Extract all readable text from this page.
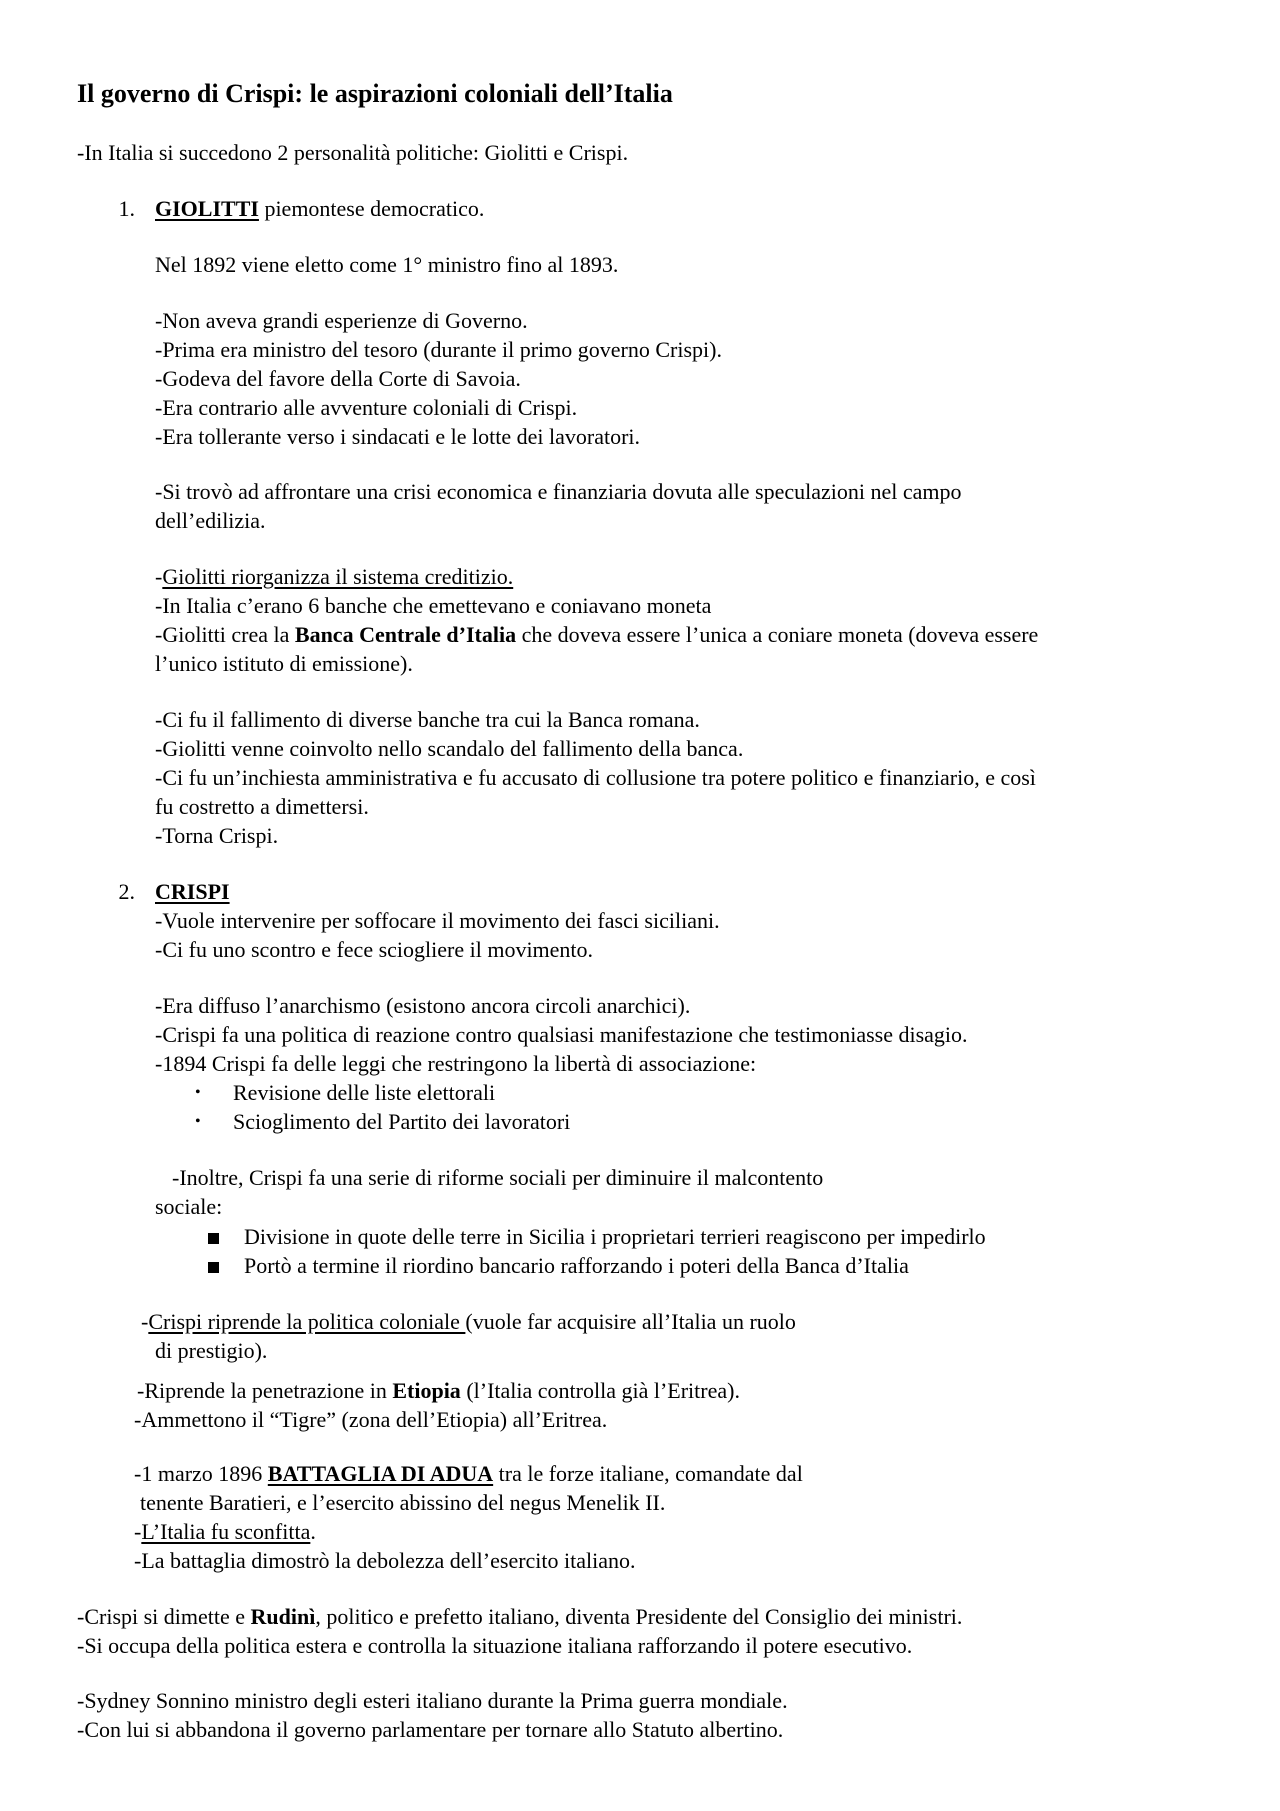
Il governo di Crispi: le aspirazioni coloniali dell’Italia
-In Italia si succedono 2 personalità politiche: Giolitti e Crispi.
1. GIOLITTI piemontese democratico.
Nel 1892 viene eletto come 1° ministro fino al 1893.
-Non aveva grandi esperienze di Governo.
-Prima era ministro del tesoro (durante il primo governo Crispi).
-Godeva del favore della Corte di Savoia.
-Era contrario alle avventure coloniali di Crispi.
-Era tollerante verso i sindacati e le lotte dei lavoratori.
-Si trovò ad affrontare una crisi economica e finanziaria dovuta alle speculazioni nel campo
dell’edilizia.
-Giolitti riorganizza il sistema creditizio.
-In Italia c’erano 6 banche che emettevano e coniavano moneta
-Giolitti crea la Banca Centrale d’Italia che doveva essere l’unica a coniare moneta (doveva essere
l’unico istituto di emissione).
-Ci fu il fallimento di diverse banche tra cui la Banca romana.
-Giolitti venne coinvolto nello scandalo del fallimento della banca.
-Ci fu un’inchiesta amministrativa e fu accusato di collusione tra potere politico e finanziario, e così
fu costretto a dimettersi.
-Torna Crispi.
2. CRISPI
-Vuole intervenire per soffocare il movimento dei fasci siciliani.
-Ci fu uno scontro e fece sciogliere il movimento.
-Era diffuso l’anarchismo (esistono ancora circoli anarchici).
-Crispi fa una politica di reazione contro qualsiasi manifestazione che testimoniasse disagio.
-1894 Crispi fa delle leggi che restringono la libertà di associazione:
• Revisione delle liste elettorali
• Scioglimento del Partito dei lavoratori
-Inoltre, Crispi fa una serie di riforme sociali per diminuire il malcontento
sociale:
Divisione in quote delle terre in Sicilia i proprietari terrieri reagiscono per impedirlo
Portò a termine il riordino bancario rafforzando i poteri della Banca d’Italia
-Crispi riprende la politica coloniale (vuole far acquisire all’Italia un ruolo
di prestigio).
-Riprende la penetrazione in Etiopia (l’Italia controlla già l’Eritrea).
-Ammettono il “Tigre” (zona dell’Etiopia) all’Eritrea.
-1 marzo 1896 BATTAGLIA DI ADUA tra le forze italiane, comandate dal
tenente Baratieri, e l’esercito abissino del negus Menelik II.
-L’Italia fu sconfitta.
-La battaglia dimostrò la debolezza dell’esercito italiano.
-Crispi si dimette e Rudinì, politico e prefetto italiano, diventa Presidente del Consiglio dei ministri.
-Si occupa della politica estera e controlla la situazione italiana rafforzando il potere esecutivo.
-Sydney Sonnino ministro degli esteri italiano durante la Prima guerra mondiale.
-Con lui si abbandona il governo parlamentare per tornare allo Statuto albertino.
